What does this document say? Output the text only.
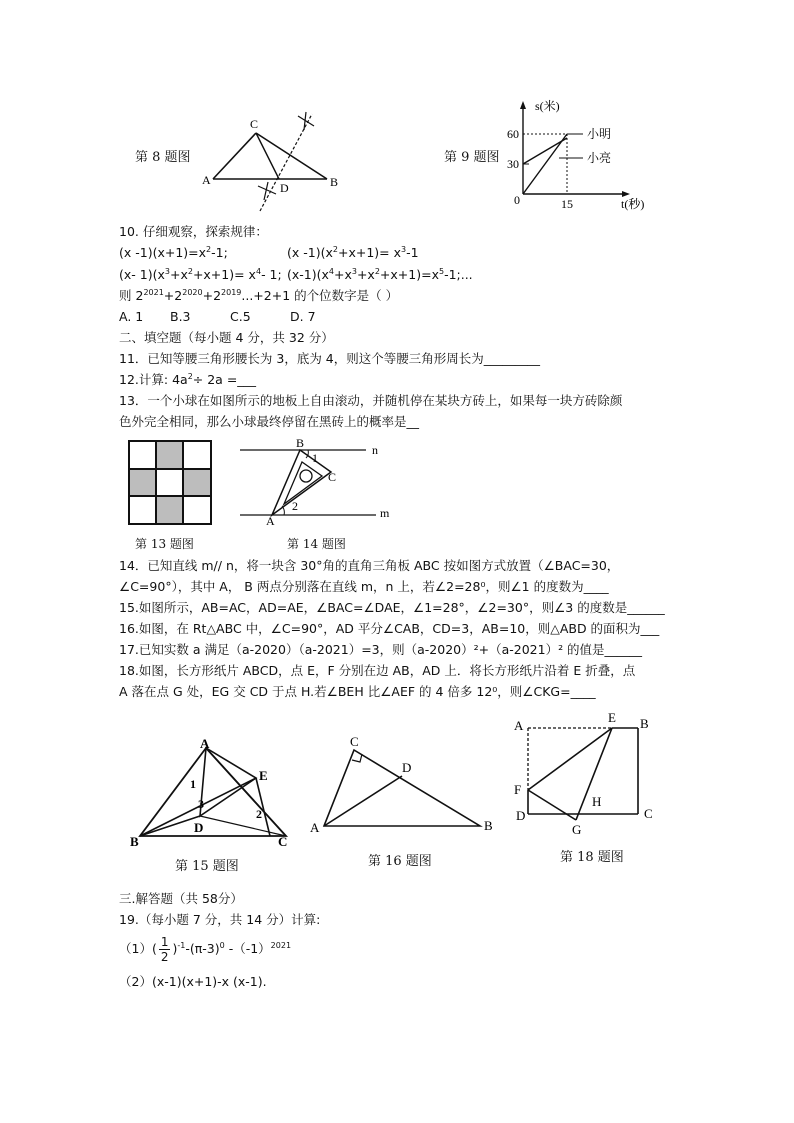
第 8 题图
A	B
C
D
第 9 题图
s(米)
t(秒)
60
30
0	15
小明
小亮
10. 仔细观察，探索规律：
(x $-1)(x+1)=x^2-1$;	(x $-1)(x^2+x+1)= x^3-1$
(x- $1)(x^3+x^2+x+1)= x^4-$ 1; $(x-1)(x^4+x^3+x^2+x+1)=x^5-1$;...
则 $2^{2021}+2^{2020}+2^{2019}...+2+1$ 的个位数字是（ ）
A. 1 B.3	C.5	D. 7
二、填空题（每小题 4 分，共 32 分）
11．已知等腰三角形腰长为 3，底为 4，则这个等腰三角形周长为_________
12.计算: $4a^2\div 2a$ =___
13．一个小球在如图所示的地板上自由滚动，并随机停在某块方砖上，如果每一块方砖除颜
色外完全相同，那么小球最终停留在黑砖上的概率是__
第 13 题图
B
A
C
n
m
1
2
第 14 题图
14．已知直线 m// n，将一块含 30°角的直角三角板 ABC 按如图方式放置（∠BAC=30，
∠C=90°），其中 A， B 两点分别落在直线 m，n 上，若∠2=28⁰，则∠1 的度数为____
15.如图所示，AB=AC，AD=AE，∠BAC=∠DAE，∠1=28°，∠2=30°，则∠3 的度数是______
16.如图，在 Rt△ABC 中，∠C=90°，AD 平分∠CAB，CD=3，AB=10，则△ABD 的面积为___
17.已知实数 a 满足（a-2020）（a-2021）=3，则（a-2020）²+（a-2021）² 的值是______
18.如图，长方形纸片 ABCD，点 E，F 分别在边 AB，AD 上．将长方形纸片沿着 E 折叠，点
A 落在点 G 处，EG 交 CD 于点 H.若∠BEH 比∠AEF 的 4 倍多 12⁰，则∠CKG=____
A
B	C
D
E
1
2
3
第 15 题图
C
A	B
D
第 16 题图
A	B
C
D
E
F
G
H
第 18 题图
三.解答题（共 58分）
19.（每小题 7 分，共 14 分）计算:
$(1)( \frac{1}{2} )^{-1}-(\pi-3)^0$ $-(-1)^{2021}$
（2）(x-1)(x+1)-x (x-1).
